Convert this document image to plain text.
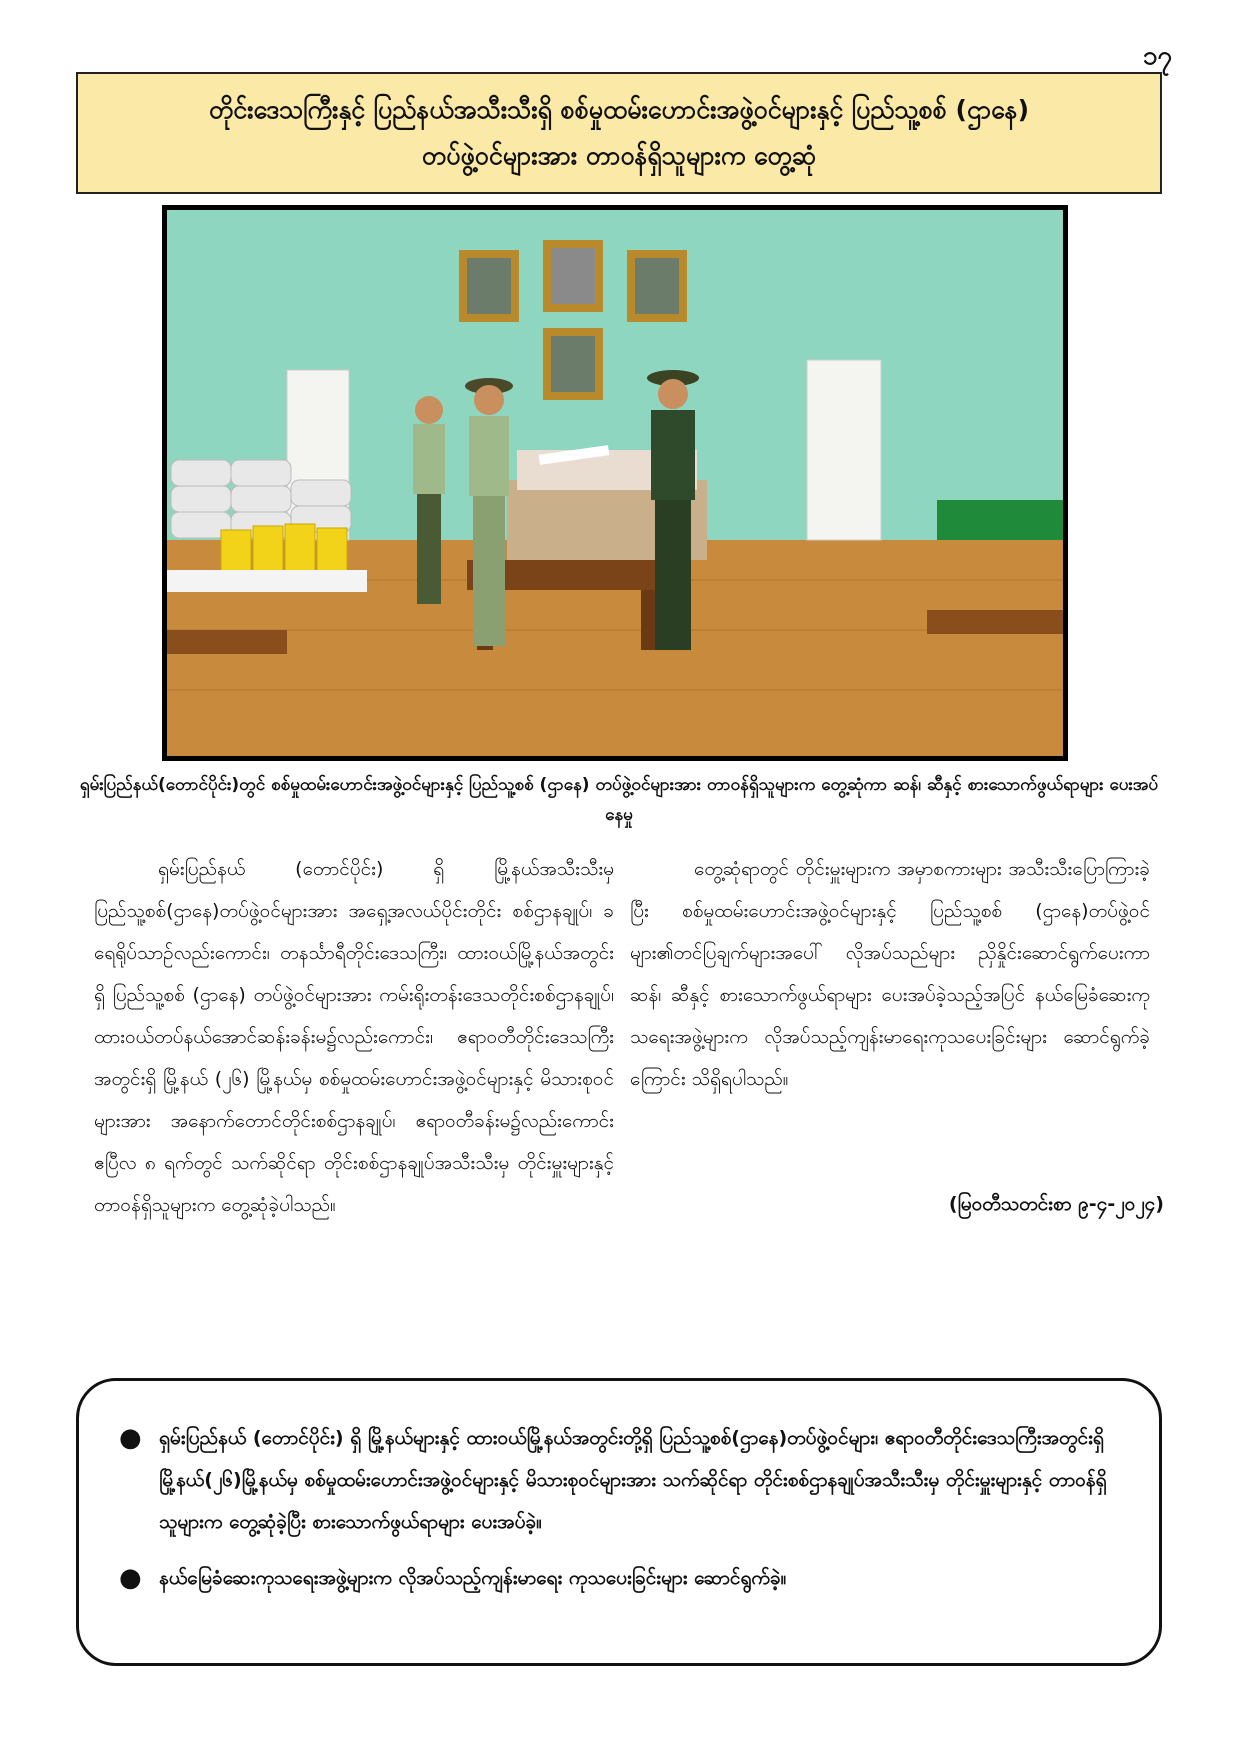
၁၇
တိုင်းဒေသကြီးနှင့် ပြည်နယ်အသီးသီးရှိ စစ်မှုထမ်းဟောင်းအဖွဲ့ဝင်များနှင့် ပြည်သူ့စစ် (ဌာနေ)
တပ်ဖွဲ့ဝင်များအား တာဝန်ရှိသူများက တွေ့ဆုံ
ရှမ်းပြည်နယ်(တောင်ပိုင်း)တွင် စစ်မှုထမ်းဟောင်းအဖွဲ့ဝင်များနှင့် ပြည်သူ့စစ် (ဌာနေ) တပ်ဖွဲ့ဝင်များအား တာဝန်ရှိသူများက တွေ့ဆုံကာ ဆန်၊ ဆီနှင့် စားသောက်ဖွယ်ရာများ ပေးအပ်နေမှု
ရှမ်းပြည်နယ် (တောင်ပိုင်း) ရှိ မြို့နယ်အသီးသီးမှ ပြည်သူ့စစ်(ဌာနေ)တပ်ဖွဲ့ဝင်များအား အရှေ့အလယ်ပိုင်းတိုင်း စစ်ဌာနချုပ်၊ ခရေရိုပ်သာဥ်လည်းကောင်း၊ တနင်္သာရီတိုင်းဒေသကြီး၊ ထားဝယ်မြို့နယ်အတွင်းရှိ ပြည်သူ့စစ် (ဌာနေ) တပ်ဖွဲ့ဝင်များအား ကမ်းရိုးတန်းဒေသတိုင်းစစ်ဌာနချုပ်၊ ထားဝယ်တပ်နယ်အောင်ဆန်းခန်းမ၌လည်းကောင်း၊ ဧရာဝတီတိုင်းဒေသကြီး အတွင်းရှိ မြို့နယ် (၂၆) မြို့နယ်မှ စစ်မှုထမ်းဟောင်းအဖွဲ့ဝင်များနှင့် မိသားစုဝင်များအား အနောက်တောင်တိုင်းစစ်ဌာနချုပ်၊ ဧရာဝတီခန်းမ၌လည်းကောင်း ဧပြီလ ၈ ရက်တွင် သက်ဆိုင်ရာ တိုင်းစစ်ဌာနချုပ်အသီးသီးမှ တိုင်းမှူးများနှင့် တာဝန်ရှိသူများက တွေ့ဆုံခဲ့ပါသည်။
တွေ့ဆုံရာတွင် တိုင်းမှူးများက အမှာစကားများ အသီးသီးပြောကြားခဲ့ပြီး စစ်မှုထမ်းဟောင်းအဖွဲ့ဝင်များနှင့် ပြည်သူ့စစ် (ဌာနေ)တပ်ဖွဲ့ဝင်များ၏တင်ပြချက်များအပေါ် လိုအပ်သည်များ ညှိနှိုင်းဆောင်ရွက်ပေးကာ ဆန်၊ ဆီနှင့် စားသောက်ဖွယ်ရာများ ပေးအပ်ခဲ့သည့်အပြင် နယ်မြေခံဆေးကုသရေးအဖွဲ့များက လိုအပ်သည့်ကျန်းမာရေးကုသပေးခြင်းများ ဆောင်ရွက်ခဲ့ကြောင်း သိရှိရပါသည်။
(မြဝတီသတင်းစာ ၉-၄-၂၀၂၄)
● ရှမ်းပြည်နယ် (တောင်ပိုင်း) ရှိ မြို့နယ်များနှင့် ထားဝယ်မြို့နယ်အတွင်းတို့ရှိ ပြည်သူ့စစ်(ဌာနေ)တပ်ဖွဲ့ဝင်များ၊ ဧရာဝတီတိုင်းဒေသကြီးအတွင်းရှိ မြို့နယ်(၂၆)မြို့နယ်မှ စစ်မှုထမ်းဟောင်းအဖွဲ့ဝင်များနှင့် မိသားစုဝင်များအား သက်ဆိုင်ရာ တိုင်းစစ်ဌာနချုပ်အသီးသီးမှ တိုင်းမှူးများနှင့် တာဝန်ရှိသူများက တွေ့ဆုံခဲ့ပြီး စားသောက်ဖွယ်ရာများ ပေးအပ်ခဲ့။
● နယ်မြေခံဆေးကုသရေးအဖွဲ့များက လိုအပ်သည့်ကျန်းမာရေး ကုသပေးခြင်းများ ဆောင်ရွက်ခဲ့။
